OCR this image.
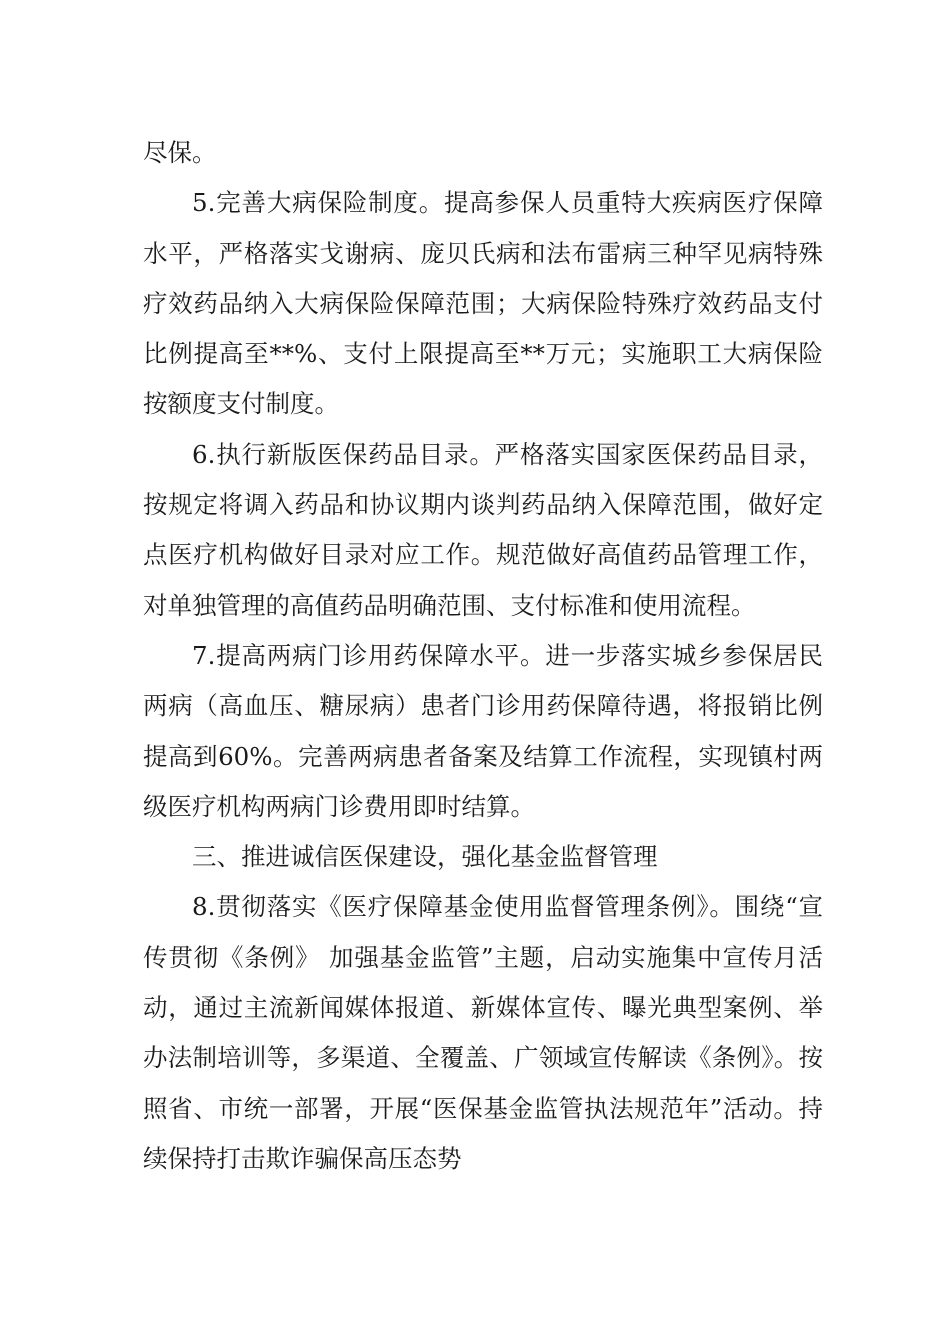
尽保。

5.完善大病保险制度。提高参保人员重特大疾病医疗保障水平，严格落实戈谢病、庞贝氏病和法布雷病三种罕见病特殊疗效药品纳入大病保险保障范围；大病保险特殊疗效药品支付比例提高至**%、支付上限提高至**万元；实施职工大病保险按额度支付制度。

6.执行新版医保药品目录。严格落实国家医保药品目录，按规定将调入药品和协议期内谈判药品纳入保障范围，做好定点医疗机构做好目录对应工作。规范做好高值药品管理工作，对单独管理的高值药品明确范围、支付标准和使用流程。

7.提高两病门诊用药保障水平。进一步落实城乡参保居民两病（高血压、糖尿病）患者门诊用药保障待遇，将报销比例提高到60%。完善两病患者备案及结算工作流程，实现镇村两级医疗机构两病门诊费用即时结算。

三、推进诚信医保建设，强化基金监督管理

8.贯彻落实《医疗保障基金使用监督管理条例》。围绕“宣传贯彻《条例》 加强基金监管”主题，启动实施集中宣传月活动，通过主流新闻媒体报道、新媒体宣传、曝光典型案例、举办法制培训等，多渠道、全覆盖、广领域宣传解读《条例》。按照省、市统一部署，开展“医保基金监管执法规范年”活动。持续保持打击欺诈骗保高压态势
